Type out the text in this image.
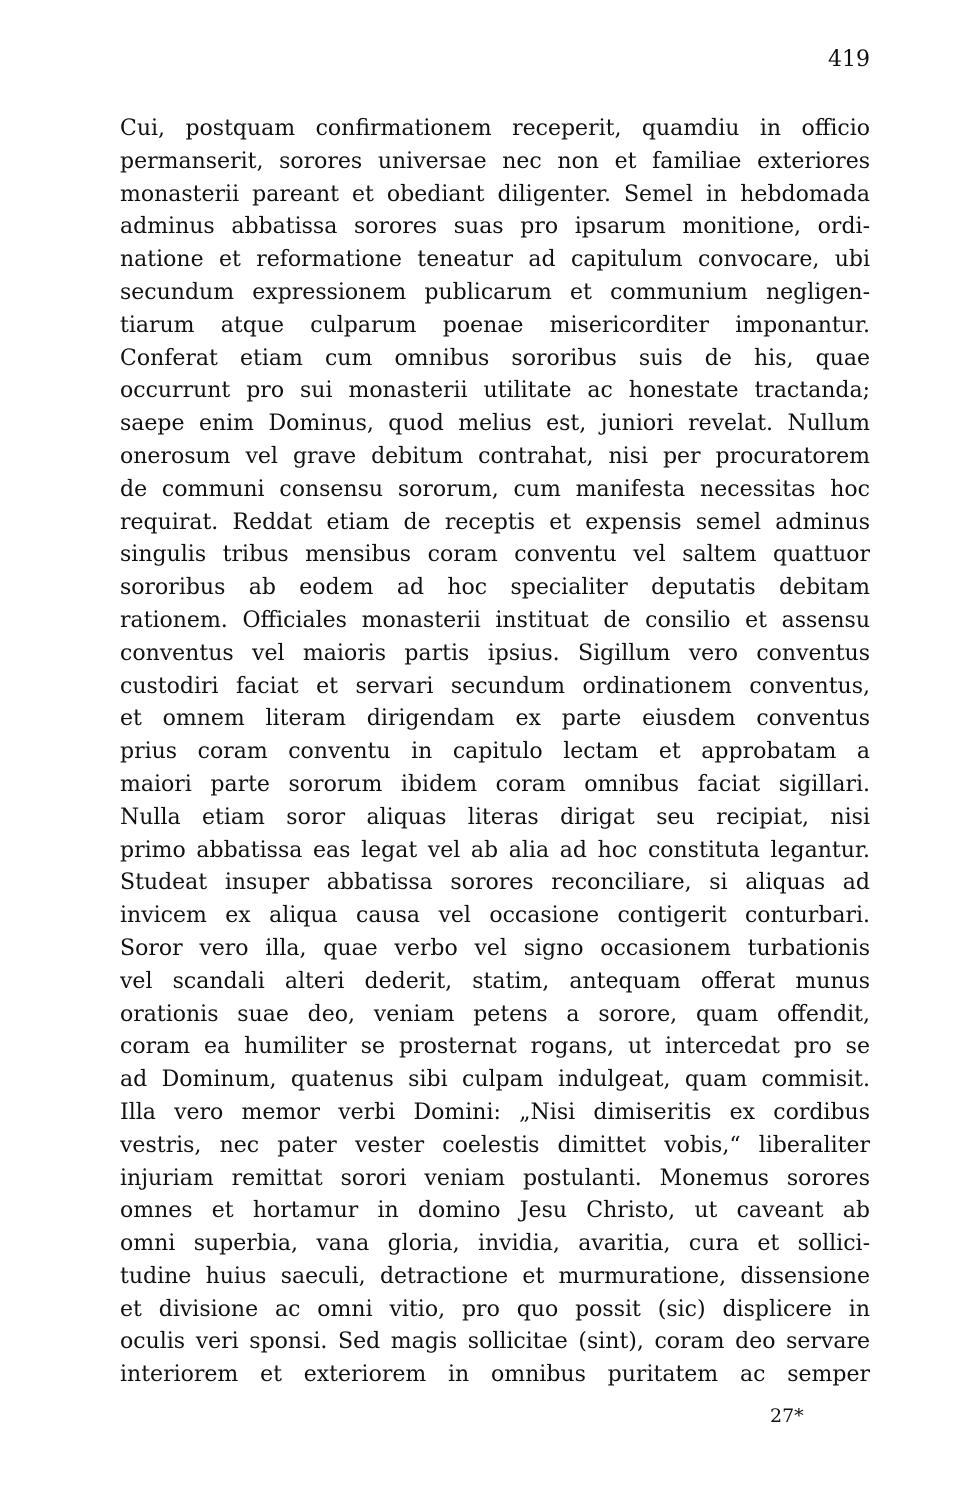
419
Cui, postquam confirmationem receperit, quamdiu in officio
permanserit, sorores universae nec non et familiae exteriores
monasterii pareant et obediant diligenter. Semel in hebdomada
adminus abbatissa sorores suas pro ipsarum monitione, ordi-
natione et reformatione teneatur ad capitulum convocare, ubi
secundum expressionem publicarum et communium negligen-
tiarum atque culparum poenae misericorditer imponantur.
Conferat etiam cum omnibus sororibus suis de his, quae
occurrunt pro sui monasterii utilitate ac honestate tractanda;
saepe enim Dominus, quod melius est, juniori revelat. Nullum
onerosum vel grave debitum contrahat, nisi per procuratorem
de communi consensu sororum, cum manifesta necessitas hoc
requirat. Reddat etiam de receptis et expensis semel adminus
singulis tribus mensibus coram conventu vel saltem quattuor
sororibus ab eodem ad hoc specialiter deputatis debitam
rationem. Officiales monasterii instituat de consilio et assensu
conventus vel maioris partis ipsius. Sigillum vero conventus
custodiri faciat et servari secundum ordinationem conventus,
et omnem literam dirigendam ex parte eiusdem conventus
prius coram conventu in capitulo lectam et approbatam a
maiori parte sororum ibidem coram omnibus faciat sigillari.
Nulla etiam soror aliquas literas dirigat seu recipiat, nisi
primo abbatissa eas legat vel ab alia ad hoc constituta legantur.
Studeat insuper abbatissa sorores reconciliare, si aliquas ad
invicem ex aliqua causa vel occasione contigerit conturbari.
Soror vero illa, quae verbo vel signo occasionem turbationis
vel scandali alteri dederit, statim, antequam offerat munus
orationis suae deo, veniam petens a sorore, quam offendit,
coram ea humiliter se prosternat rogans, ut intercedat pro se
ad Dominum, quatenus sibi culpam indulgeat, quam commisit.
Illa vero memor verbi Domini: „Nisi dimiseritis ex cordibus
vestris, nec pater vester coelestis dimittet vobis,“ liberaliter
injuriam remittat sorori veniam postulanti. Monemus sorores
omnes et hortamur in domino Jesu Christo, ut caveant ab
omni superbia, vana gloria, invidia, avaritia, cura et sollici-
tudine huius saeculi, detractione et murmuratione, dissensione
et divisione ac omni vitio, pro quo possit (sic) displicere in
oculis veri sponsi. Sed magis sollicitae (sint), coram deo servare
interiorem et exteriorem in omnibus puritatem ac semper
27*
